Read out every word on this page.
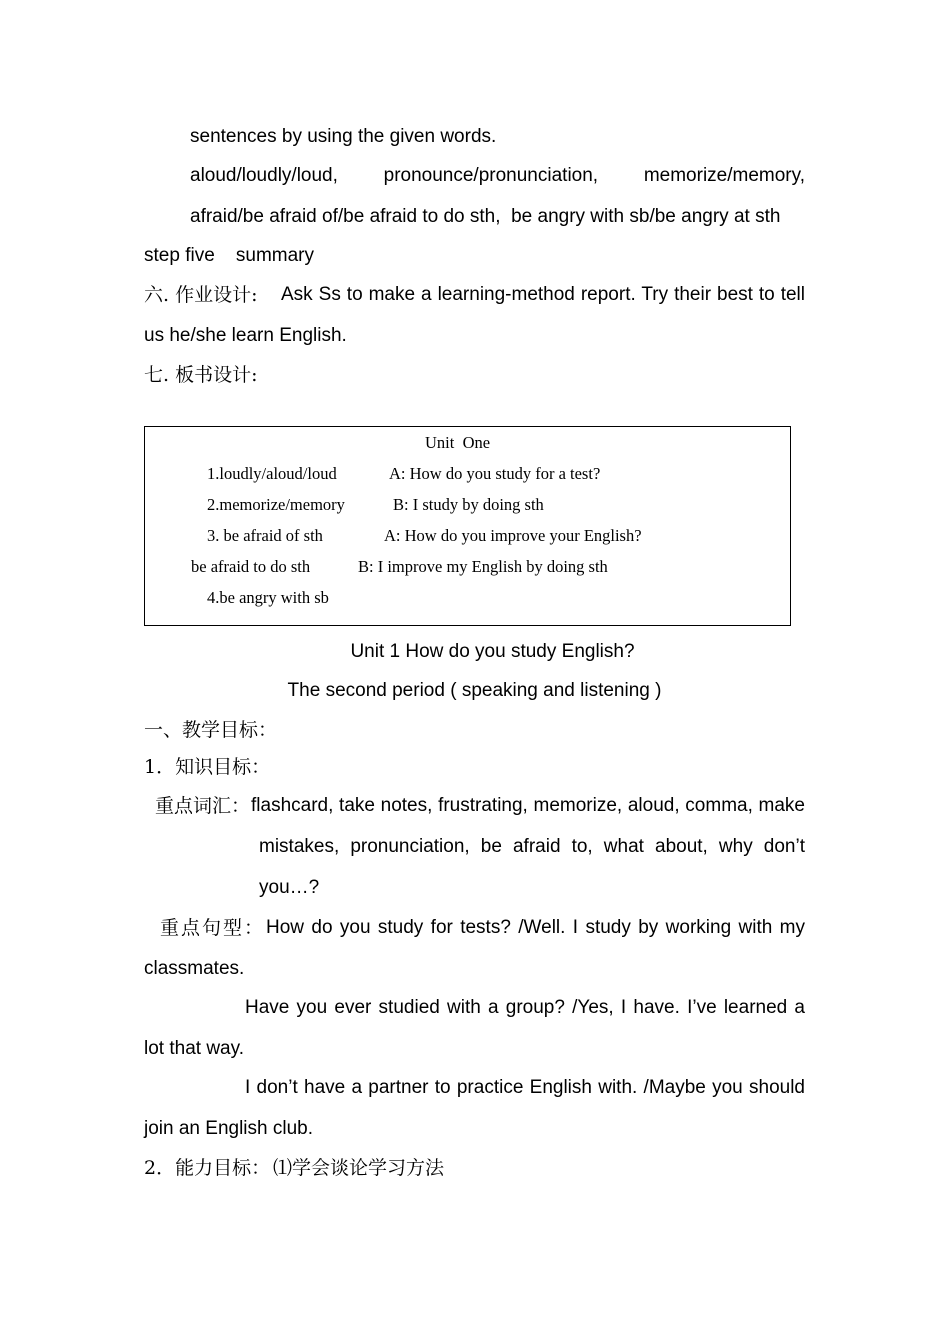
sentences by using the given words.
aloud/loudly/loud, pronounce/pronunciation, memorize/memory,
afraid/be afraid of/be afraid to do sth,  be angry with sb/be angry at sth
step five    summary
六. 作业设计:	Ask Ss to make a learning-method report. Try their best to tell
us he/she learn English.
七. 板书设计:
Unit  One
1.loudly/aloud/loud	A: How do you study for a test?
2.memorize/memory	B: I study by doing sth
3. be afraid of sth	A: How do you improve your English?
be afraid to do sth	B: I improve my English by doing sth
4.be angry with sb
Unit 1 How do you study English?
The second period ( speaking and listening )
一、教学目标：
1．知识目标：
重点词汇： flashcard, take notes, frustrating, memorize, aloud, comma, make
mistakes, pronunciation, be afraid to, what about, why don’t
you…?
重点句型： How do you study for tests? /Well. I study by working with my
classmates.
Have you ever studied with a group? /Yes, I have. I’ve learned a
lot that way.
I don’t have a partner to practice English with. /Maybe you should
join an English club.
2．能力目标： ⑴学会谈论学习方法
